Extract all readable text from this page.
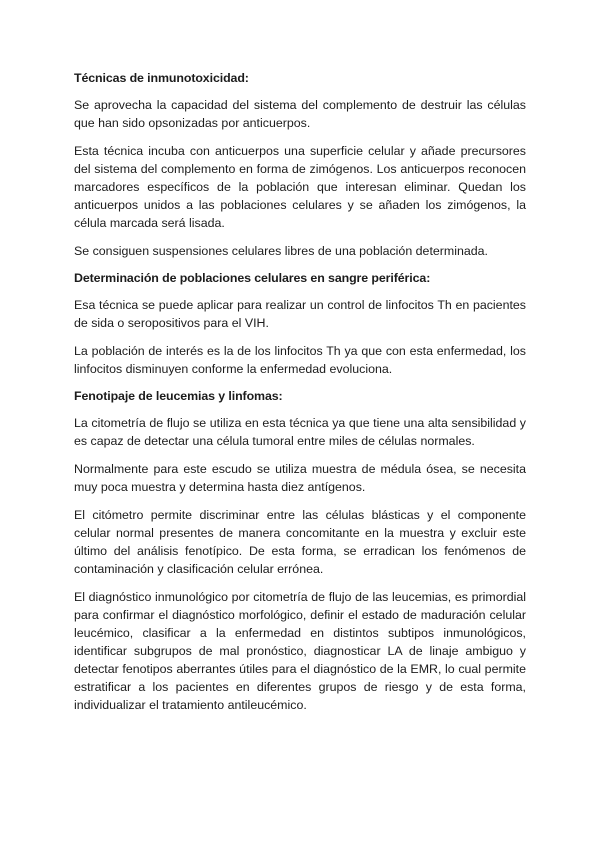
Técnicas de inmunotoxicidad:

Se aprovecha la capacidad del sistema del complemento de destruir las células que han sido opsonizadas por anticuerpos.

Esta técnica incuba con anticuerpos una superficie celular y añade precursores del sistema del complemento en forma de zimógenos. Los anticuerpos reconocen marcadores específicos de la población que interesan eliminar. Quedan los anticuerpos unidos a las poblaciones celulares y se añaden los zimógenos, la célula marcada será lisada.

Se consiguen suspensiones celulares libres de una población determinada.

Determinación de poblaciones celulares en sangre periférica:

Esa técnica se puede aplicar para realizar un control de linfocitos Th en pacientes de sida o seropositivos para el VIH.

La población de interés es la de los linfocitos Th ya que con esta enfermedad, los linfocitos disminuyen conforme la enfermedad evoluciona.

Fenotipaje de leucemias y linfomas:

La citometría de flujo se utiliza en esta técnica ya que tiene una alta sensibilidad y es capaz de detectar una célula tumoral entre miles de células normales.

Normalmente para este escudo se utiliza muestra de médula ósea, se necesita muy poca muestra y determina hasta diez antígenos.

El citómetro permite discriminar entre las células blásticas y el componente celular normal presentes de manera concomitante en la muestra y excluir este último del análisis fenotípico. De esta forma, se erradican los fenómenos de contaminación y clasificación celular errónea.

El diagnóstico inmunológico por citometría de flujo de las leucemias, es primordial para confirmar el diagnóstico morfológico, definir el estado de maduración celular leucémico, clasificar a la enfermedad en distintos subtipos inmunológicos, identificar subgrupos de mal pronóstico, diagnosticar LA de linaje ambiguo y detectar fenotipos aberrantes útiles para el diagnóstico de la EMR, lo cual permite estratificar a los pacientes en diferentes grupos de riesgo y de esta forma, individualizar el tratamiento antileucémico.
